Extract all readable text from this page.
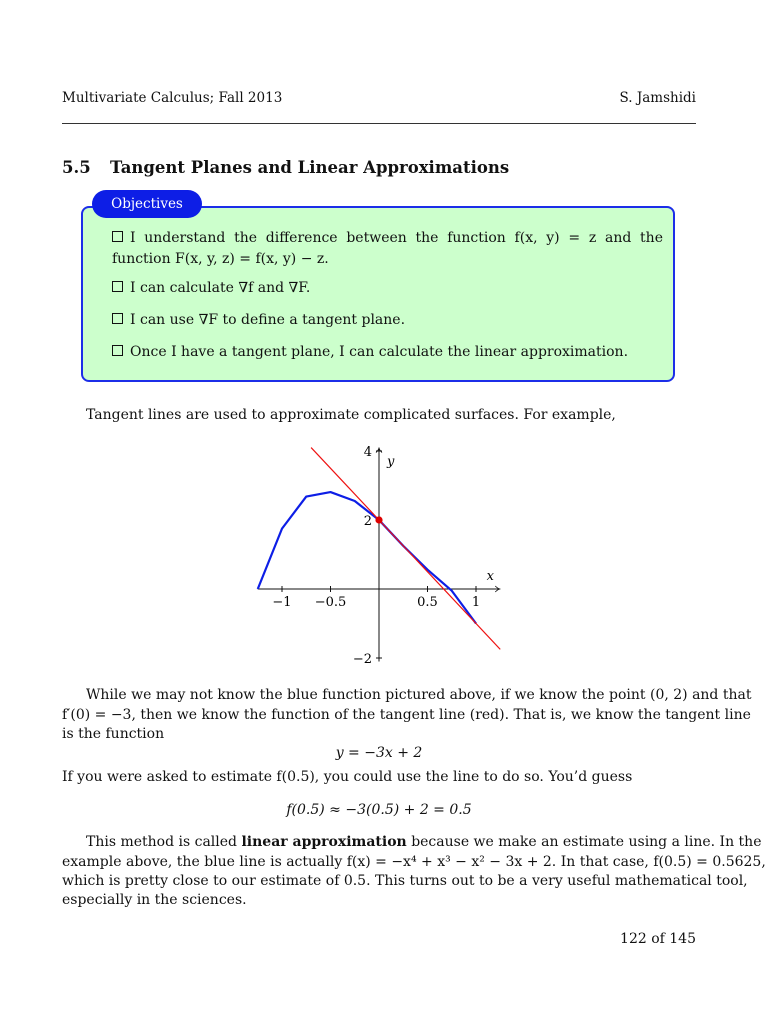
Multivariate Calculus; Fall 2013	S. Jamshidi
5.5 Tangent Planes and Linear Approximations
Objectives
I understand the difference between the function f(x, y) = z and the function F(x, y, z) = f(x, y) − z.
I can calculate ∇f and ∇F.
I can use ∇F to define a tangent plane.
Once I have a tangent plane, I can calculate the linear approximation.
Tangent lines are used to approximate complicated surfaces. For example,
x
y
−1 −0.5	0.5	1
4
2
−2
While we may not know the blue function pictured above, if we know the point (0, 2) and that
f′(0) = −3, then we know the function of the tangent line (red). That is, we know the tangent line
is the function
y = −3x + 2
If you were asked to estimate f(0.5), you could use the line to do so. You’d guess
f(0.5) ≈ −3(0.5) + 2 = 0.5
This method is called linear approximation because we make an estimate using a line. In the
example above, the blue line is actually f(x) = −x⁴ + x³ − x² − 3x + 2. In that case, f(0.5) = 0.5625,
which is pretty close to our estimate of 0.5. This turns out to be a very useful mathematical tool,
especially in the sciences.
122 of 145
